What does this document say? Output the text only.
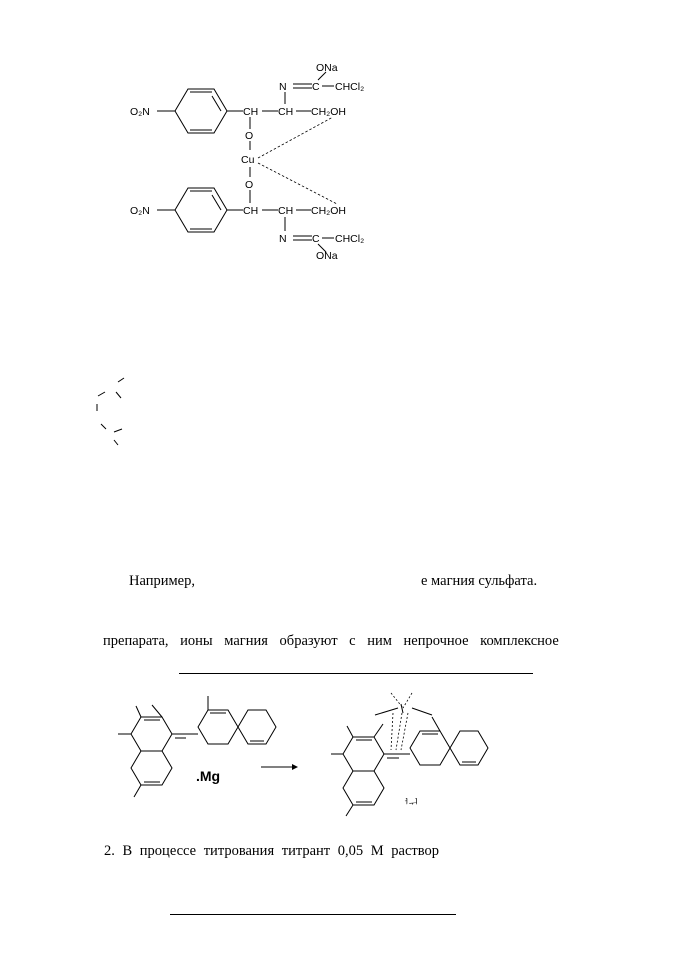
ONa
N C CHCl₂
O₂N	CH CH CH₂OH
O
Cu
O
O₂N	CH CH CH₂OH
N C CHCl₂
ONa
Например,	е магния сульфата.
препарата, ионы магния образуют с ним непрочное комплексное
.Mg
ᅥᅱ
2. В процессе титрования титрант 0,05 М раствор
